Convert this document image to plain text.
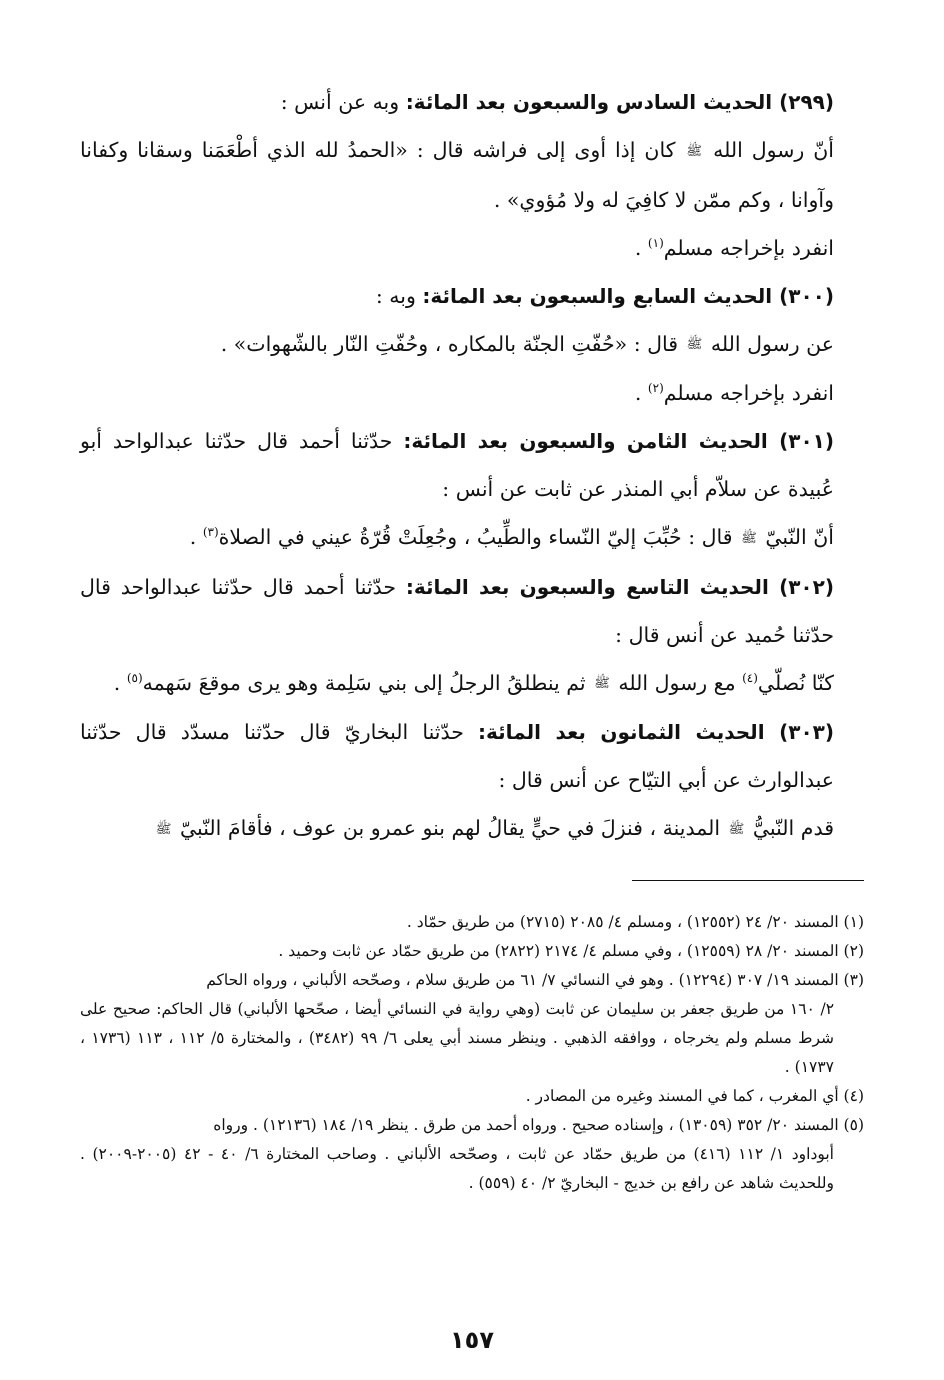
(٢٩٩) الحديث السادس والسبعون بعد المائة: وبه عن أنس :

أنّ رسول الله ﷺ كان إذا أوى إلى فراشه قال : «الحمدُ لله الذي أطْعَمَنا وسقانا وكفانا وآوانا ، وكم ممّن لا كافِيَ له ولا مُؤوي» .

انفرد بإخراجه مسلم$^{(١)}$ .

(٣٠٠) الحديث السابع والسبعون بعد المائة: وبه :

عن رسول الله ﷺ قال : «حُفّتِ الجنّة بالمكاره ، وحُفّتِ النّار بالشّهوات» .

انفرد بإخراجه مسلم$^{(٢)}$ .

(٣٠١) الحديث الثامن والسبعون بعد المائة: حدّثنا أحمد قال حدّثنا عبدالواحد أبو عُبيدة عن سلاّم أبي المنذر عن ثابت عن أنس :

أنّ النّبيّ ﷺ قال : حُبِّبَ إليّ النّساء والطِّيبُ ، وجُعِلَتْ قُرّةُ عيني في الصلاة$^{(٣)}$ .

(٣٠٢) الحديث التاسع والسبعون بعد المائة: حدّثنا أحمد قال حدّثنا عبدالواحد قال حدّثنا حُميد عن أنس قال :

كنّا نُصلّي$^{(٤)}$ مع رسول الله ﷺ ثم ينطلقُ الرجلُ إلى بني سَلِمة وهو يرى موقعَ سَهمه$^{(٥)}$ .

(٣٠٣) الحديث الثمانون بعد المائة: حدّثنا البخاريّ قال حدّثنا مسدّد قال حدّثنا عبدالوارث عن أبي التيّاح عن أنس قال :

قدم النّبيُّ ﷺ المدينة ، فنزلَ في حيٍّ يقالُ لهم بنو عمرو بن عوف ، فأقامَ النّبيّ ﷺ

(١) المسند ٢٠/ ٢٤ (١٢٥٥٢) ، ومسلم ٤/ ٢٠٨٥ (٢٧١٥) من طريق حمّاد .

(٢) المسند ٢٠/ ٢٨ (١٢٥٥٩) ، وفي مسلم ٤/ ٢١٧٤ (٢٨٢٢) من طريق حمّاد عن ثابت وحميد .

(٣) المسند ١٩/ ٣٠٧ (١٢٢٩٤) . وهو في النسائي ٧/ ٦١ من طريق سلام ، وصحّحه الألباني ، ورواه الحاكم

٢/ ١٦٠ من طريق جعفر بن سليمان عن ثابت (وهي رواية في النسائي أيضا ، صحّحها الألباني) قال الحاكم: صحيح على شرط مسلم ولم يخرجاه ، ووافقه الذهبي . وينظر مسند أبي يعلى ٦/ ٩٩ (٣٤٨٢) ، والمختارة ٥/ ١١٢ ، ١١٣ (١٧٣٦ ، ١٧٣٧) .

(٤) أي المغرب ، كما في المسند وغيره من المصادر .

(٥) المسند ٢٠/ ٣٥٢ (١٣٠٥٩) ، وإسناده صحيح . ورواه أحمد من طرق . ينظر ١٩/ ١٨٤ (١٢١٣٦) . ورواه

أبوداود ١/ ١١٢ (٤١٦) من طريق حمّاد عن ثابت ، وصحّحه الألباني . وصاحب المختارة ٦/ ٤٠ - ٤٢ (٢٠٠٥-٢٠٠٩) . وللحديث شاهد عن رافع بن خديج - البخاريّ ٢/ ٤٠ (٥٥٩) .

١٥٧
